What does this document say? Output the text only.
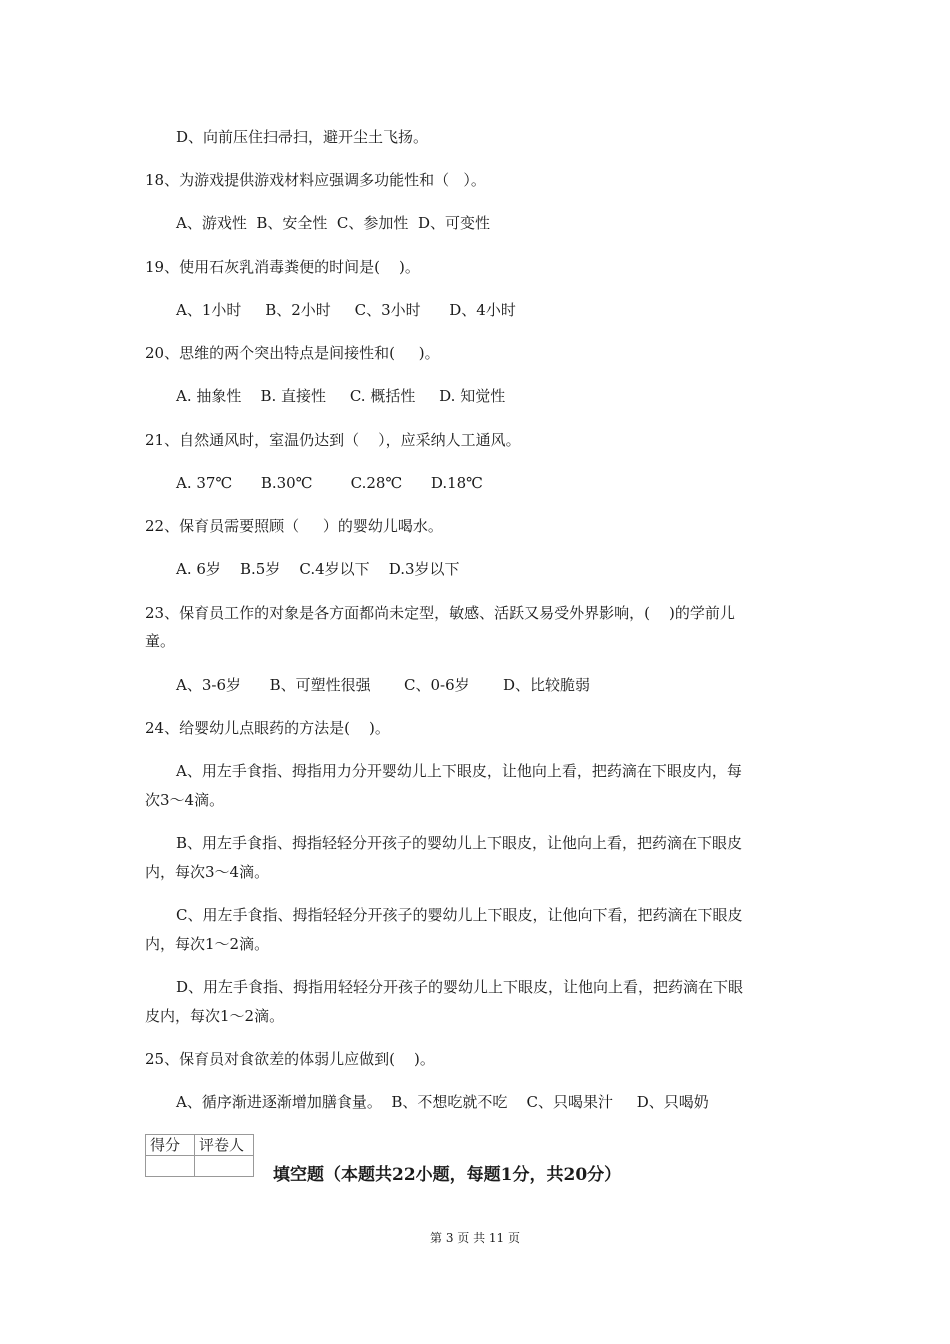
D、向前压住扫帚扫，避开尘土飞扬。
18、为游戏提供游戏材料应强调多功能性和（   ）。
A、游戏性  B、安全性  C、参加性  D、可变性
19、使用石灰乳消毒粪便的时间是(    )。
A、1小时     B、2小时     C、3小时      D、4小时
20、思维的两个突出特点是间接性和(     )。
A. 抽象性    B. 直接性     C. 概括性     D. 知觉性
21、自然通风时，室温仍达到（    ），应采纳人工通风。
A. 37℃      B.30℃        C.28℃      D.18℃
22、保育员需要照顾（     ）的婴幼儿喝水。
A. 6岁    B.5岁    C.4岁以下    D.3岁以下
23、保育员工作的对象是各方面都尚未定型，敏感、活跃又易受外界影响，(    )的学前儿
童。
A、3-6岁      B、可塑性很强       C、0-6岁       D、比较脆弱
24、给婴幼儿点眼药的方法是(    )。
A、用左手食指、拇指用力分开婴幼儿上下眼皮，让他向上看，把药滴在下眼皮内，每
次3～4滴。
B、用左手食指、拇指轻轻分开孩子的婴幼儿上下眼皮，让他向上看，把药滴在下眼皮
内，每次3～4滴。
C、用左手食指、拇指轻轻分开孩子的婴幼儿上下眼皮，让他向下看，把药滴在下眼皮
内，每次1～2滴。
D、用左手食指、拇指用轻轻分开孩子的婴幼儿上下眼皮，让他向上看，把药滴在下眼
皮内，每次1～2滴。
25、保育员对食欲差的体弱儿应做到(    )。
A、循序渐进逐渐增加膳食量。  B、不想吃就不吃    C、只喝果汁     D、只喝奶
得分	评卷人

填空题（本题共22小题，每题1分，共20分）
第 3 页 共 11 页
